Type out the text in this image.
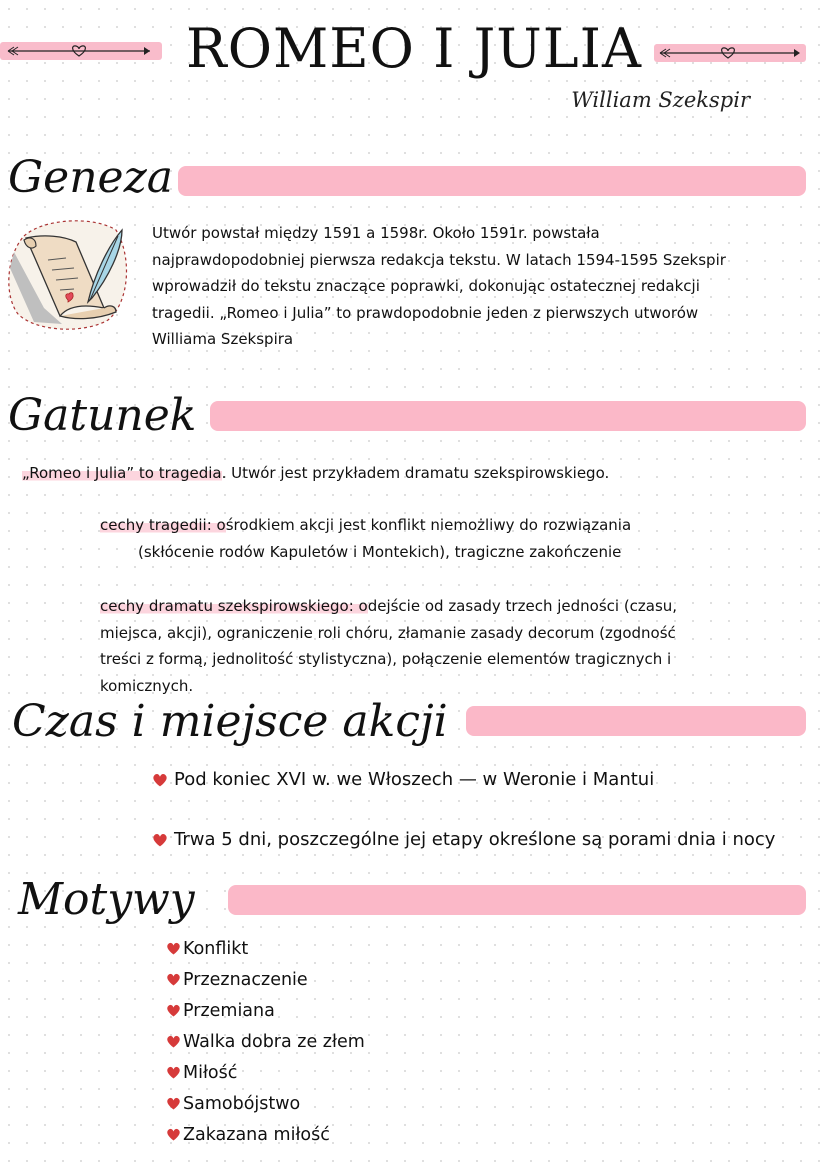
ROMEO I JULIA
William Szekspir
Geneza
Utwór powstał między 1591 a 1598r. Około 1591r. powstała
najprawdopodobniej pierwsza redakcja tekstu. W latach 1594-1595 Szekspir
wprowadził do tekstu znaczące poprawki, dokonując ostatecznej redakcji
tragedii. „Romeo i Julia” to prawdopodobnie jeden z pierwszych utworów
Williama Szekspira
Gatunek
„Romeo i Julia” to tragedia. Utwór jest przykładem dramatu szekspirowskiego.
cechy tragedii: ośrodkiem akcji jest konflikt niemożliwy do rozwiązania
(skłócenie rodów Kapuletów i Montekich), tragiczne zakończenie
cechy dramatu szekspirowskiego: odejście od zasady trzech jedności (czasu,
miejsca, akcji), ograniczenie roli chóru, złamanie zasady decorum (zgodność
treści z formą, jednolitość stylistyczna), połączenie elementów tragicznych i
komicznych.
Czas i miejsce akcji
Pod koniec XVI w. we Włoszech — w Weronie i Mantui
Trwa 5 dni, poszczególne jej etapy określone są porami dnia i nocy
Motywy
Konflikt
Przeznaczenie
Przemiana
Walka dobra ze złem
Miłość
Samobójstwo
Zakazana miłość
